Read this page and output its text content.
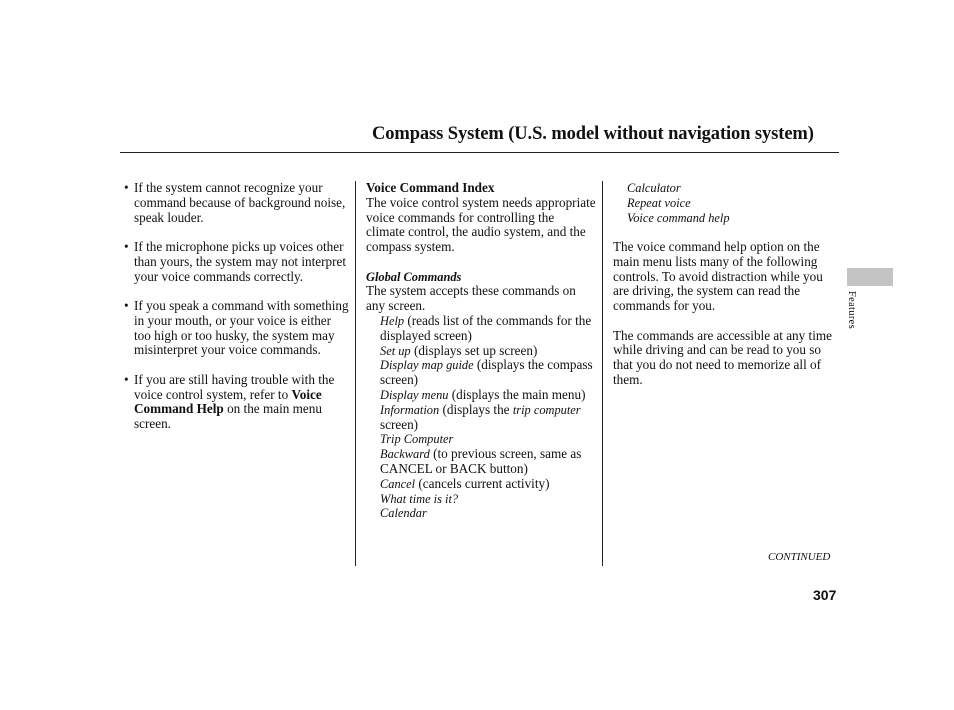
Compass System (U.S. model without navigation system)
• If the system cannot recognize your command because of background noise, speak louder.
• If the microphone picks up voices other than yours, the system may not interpret your voice commands correctly.
• If you speak a command with something in your mouth, or your voice is either too high or too husky, the system may misinterpret your voice commands.
• If you are still having trouble with the voice control system, refer to Voice Command Help on the main menu screen.
Voice Command Index
The voice control system needs appropriate voice commands for controlling the climate control, the audio system, and the compass system.
Global Commands
The system accepts these commands on any screen.
Help (reads list of the commands for the displayed screen)
Set up (displays set up screen)
Display map guide (displays the compass screen)
Display menu (displays the main menu)
Information (displays the trip computer screen)
Trip Computer
Backward (to previous screen, same as CANCEL or BACK button)
Cancel (cancels current activity)
What time is it?
Calendar
Calculator
Repeat voice
Voice command help
The voice command help option on the main menu lists many of the following controls. To avoid distraction while you are driving, the system can read the commands for you.
The commands are accessible at any time while driving and can be read to you so that you do not need to memorize all of them.
Features
CONTINUED
307
